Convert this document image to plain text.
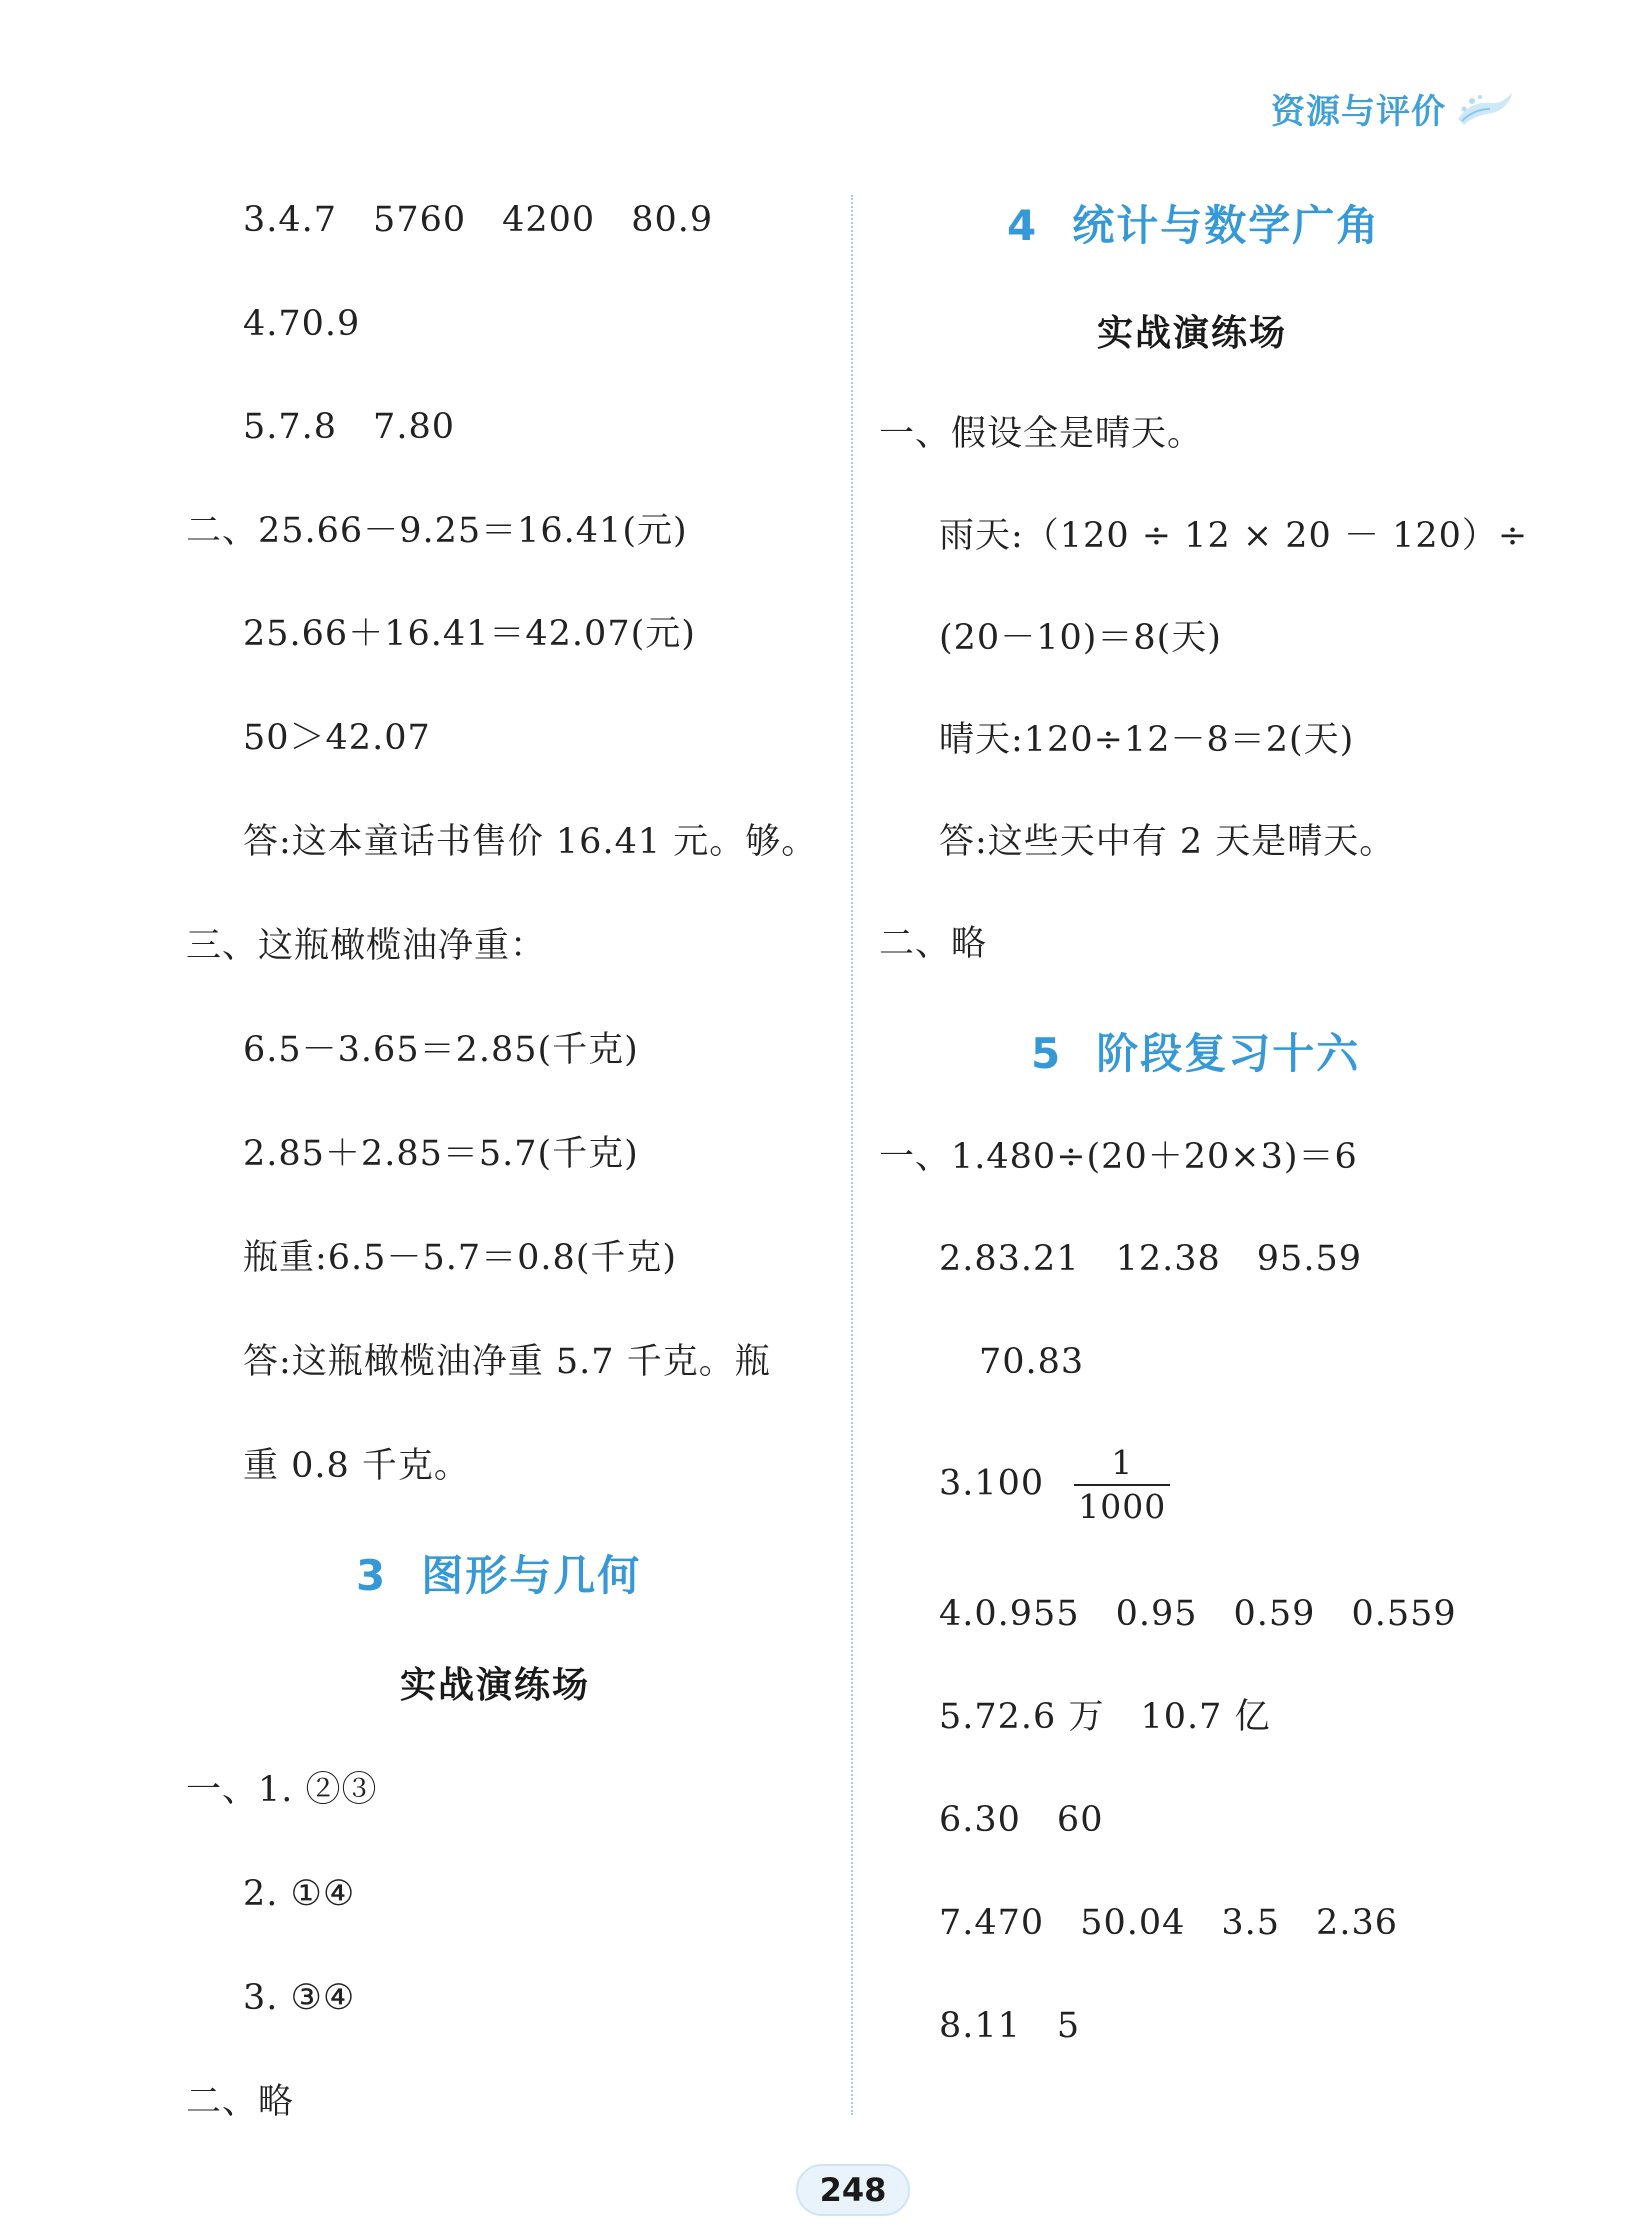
资源与评价
3.4.7　5760　4200　80.9
4.70.9
5.7.8　7.80
二、25.66－9.25＝16.41(元)
25.66＋16.41＝42.07(元)
50＞42.07
答:这本童话书售价 16.41 元。够。
三、这瓶橄榄油净重：
6.5－3.65＝2.85(千克)
2.85＋2.85＝5.7(千克)
瓶重:6.5－5.7＝0.8(千克)
答:这瓶橄榄油净重 5.7 千克。瓶
重 0.8 千克。
3 图形与几何
实战演练场
一、1. ②③
2. ①④
3. ③④
二、略
4 统计与数学广角
实战演练场
一、假设全是晴天。
雨天:（120 ÷ 12 × 20 － 120）÷
(20－10)＝8(天)
晴天:120÷12－8＝2(天)
答:这些天中有 2 天是晴天。
二、略
5 阶段复习十六
一、1.480÷(20＋20×3)＝6
2.83.21　12.38　95.59
70.83
$3.100 \frac{1}{1000}$
4.0.955　0.95　0.59　0.559
5.72.6 万　10.7 亿
6.30　60
7.470　50.04　3.5　2.36
8.11　5
248
